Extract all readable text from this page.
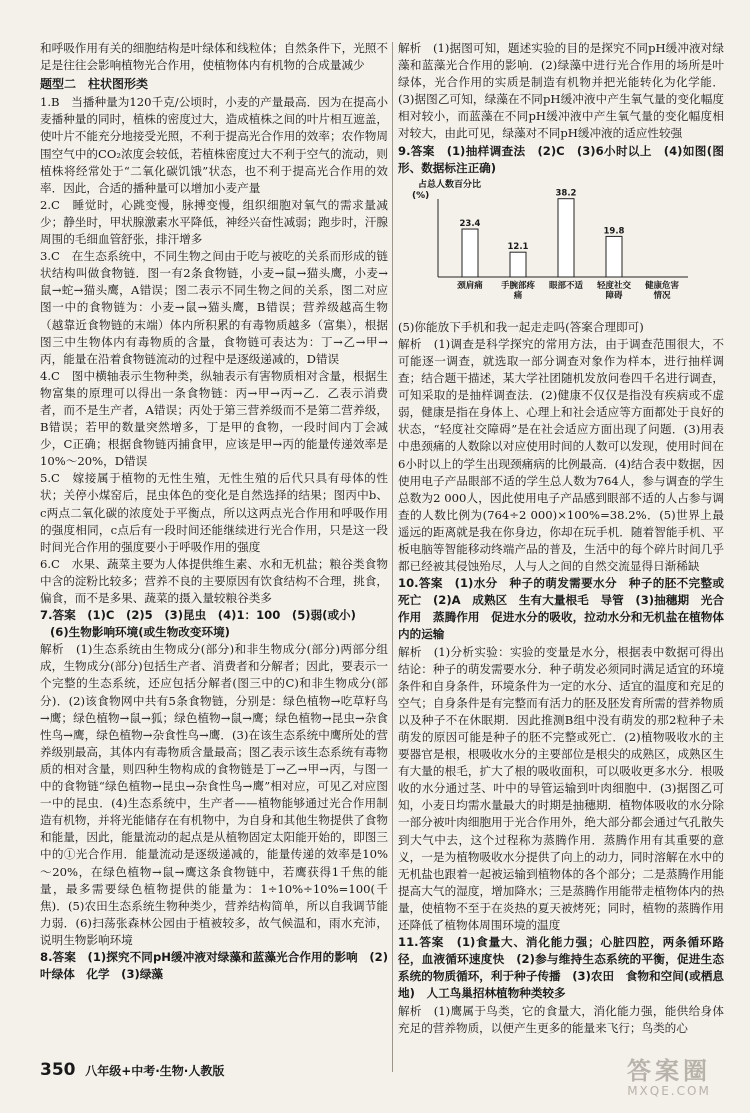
和呼吸作用有关的细胞结构是叶绿体和线粒体；自然条件下，光照不足是往往会影响植物光合作用，使植物体内有机物的合成量减少

题型二　柱状图形类

1.B　当播种量为120千克/公顷时，小麦的产量最高．因为在提高小麦播种量的同时，植株的密度过大，造成植株之间的叶片相互遮盖，使叶片不能充分地接受光照，不利于提高光合作用的效率；农作物周围空气中的CO₂浓度会较低，若植株密度过大不利于空气的流动，则植株将经常处于“二氧化碳饥饿”状态，也不利于提高光合作用的效率．因此，合适的播种量可以增加小麦产量

2.C　睡觉时，心跳变慢，脉搏变慢，组织细胞对氧气的需求量减少；静坐时，甲状腺激素水平降低，神经兴奋性减弱；跑步时，汗腺周围的毛细血管舒张，排汗增多

3.C　在生态系统中，不同生物之间由于吃与被吃的关系而形成的链状结构叫做食物链．图一有2条食物链，小麦→鼠→猫头鹰，小麦→鼠→蛇→猫头鹰，A错误；图二表示不同生物之间的关系，图二对应图一中的食物链为：小麦→鼠→猫头鹰，B错误；营养级越高生物（越靠近食物链的末端）体内所积累的有毒物质越多（富集），根据图三中生物体内有毒物质的含量，食物链可表达为：丁→乙→甲→丙，能量在沿着食物链流动的过程中是逐级递减的，D错误

4.C　图中横轴表示生物种类，纵轴表示有害物质相对含量，根据生物富集的原理可以得出一条食物链：丙→甲→丙→乙．乙表示消费者，而不是生产者，A错误；丙处于第三营养级而不是第二营养级，B错误；若甲的数量突然增多，丁是甲的食物，一段时间内丁会减少，C正确；根据食物链丙捕食甲，应该是甲→丙的能量传递效率是10%～20%，D错误

5.C　嫁接属于植物的无性生殖，无性生殖的后代只具有母体的性状；关停小煤窑后，昆虫体色的变化是自然选择的结果；图丙中b、c两点二氧化碳的浓度处于平衡点，所以这两点光合作用和呼吸作用的强度相同，c点后有一段时间还能继续进行光合作用，只是这一段时间光合作用的强度要小于呼吸作用的强度

6.C　水果、蔬菜主要为人体提供维生素、水和无机盐；粮谷类食物中含的淀粉比较多；营养不良的主要原因有饮食结构不合理，挑食，偏食，而不是多果、蔬菜的摄入量较粮谷类多

7.答案　(1)C　(2)5　(3)昆虫　(4)1：100　(5)弱(或小)

(6)生物影响环境(或生物改变环境)

解析　(1)生态系统由生物成分(部分)和非生物成分(部分)两部分组成，生物成分(部分)包括生产者、消费者和分解者；因此，要表示一个完整的生态系统，还应包括分解者(图三中的C)和非生物成分(部分)．(2)该食物网中共有5条食物链，分别是：绿色植物→吃草籽鸟→鹰；绿色植物→鼠→狐；绿色植物→鼠→鹰；绿色植物→昆虫→杂食性鸟→鹰，绿色植物→杂食性鸟→鹰．(3)在该生态系统中鹰所处的营养级别最高，其体内有毒物质含量最高；图乙表示该生态系统有毒物质的相对含量，则四种生物构成的食物链是丁→乙→甲→丙，与图一中的食物链“绿色植物→昆虫→杂食性鸟→鹰”相对应，可见乙对应图一中的昆虫．(4)生态系统中，生产者——植物能够通过光合作用制造有机物，并将光能储存在有机物中，为自身和其他生物提供了食物和能量，因此，能量流动的起点是从植物固定太阳能开始的，即图三中的①光合作用．能量流动是逐级递减的，能量传递的效率是10%～20%，在绿色植物→鼠→鹰这条食物链中，若鹰获得1千焦的能量，最多需要绿色植物提供的能量为：1÷10%÷10%=100(千焦)．(5)农田生态系统生物种类少，营养结构简单，所以自我调节能力弱．(6)扫荡张森林公园由于植被较多，故气候温和，雨水充沛，说明生物影响环境

8.答案　(1)探究不同pH缓冲液对绿藻和蓝藻光合作用的影响　(2)叶绿体　化学　(3)绿藻

解析　(1)据图可知，题述实验的目的是探究不同pH缓冲液对绿藻和蓝藻光合作用的影响．(2)绿藻中进行光合作用的场所是叶绿体，光合作用的实质是制造有机物并把光能转化为化学能．(3)据图乙可知，绿藻在不同pH缓冲液中产生氧气量的变化幅度相对较小，而蓝藻在不同pH缓冲液中产生氧气量的变化幅度相对较大，由此可见，绿藻对不同pH缓冲液的适应性较强

9.答案　(1)抽样调查法　(2)C　(3)6小时以上　(4)如图(图形、数据标注正确)

占总人数百分比
(%)
23.4
颈肩痛
12.1
手腕部疼
痛
38.2
眼部不适
19.8
轻度社交
障碍
健康危害
情况

(5)你能放下手机和我一起走走吗(答案合理即可)

解析　(1)调查是科学探究的常用方法，由于调查范围很大，不可能逐一调查，就选取一部分调查对象作为样本，进行抽样调查；结合题干描述，某大学社团随机发放问卷四千名进行调查，可知采取的是抽样调查法．(2)健康不仅仅是指没有疾病或不虚弱，健康是指在身体上、心理上和社会适应等方面都处于良好的状态，“轻度社交障碍”是在社会适应方面出现了问题．(3)用表中患颈痛的人数除以对应使用时间的人数可以发现，使用时间在6小时以上的学生出现颈痛病的比例最高．(4)结合表中数据，因使用电子产品眼部不适的学生总人数为764人，参与调查的学生总数为2 000人，因此使用电子产品感到眼部不适的人占参与调查的人数比例为(764÷2 000)×100%=38.2%．(5)世界上最遥远的距离就是我在你身边，你却在玩手机．随着智能手机、平板电脑等智能移动终端产品的普及，生活中的每个碎片时间几乎都已经被其侵蚀殆尽，人与人之间的自然交流显得日渐稀缺

10.答案　(1)水分　种子的萌发需要水分　种子的胚不完整或死亡　(2)A　成熟区　生有大量根毛　导管　(3)抽穗期　光合作用　蒸腾作用　促进水分的吸收，拉动水分和无机盐在植物体内的运输

解析　(1)分析实验：实验的变量是水分，根据表中数据可得出结论：种子的萌发需要水分．种子萌发必须同时满足适宜的环境条件和自身条件，环境条件为一定的水分、适宜的温度和充足的空气；自身条件是有完整而有活力的胚及胚发育所需的营养物质以及种子不在休眠期．因此推测B组中没有萌发的那2粒种子未萌发的原因可能是种子的胚不完整或死亡．(2)植物吸收水的主要器官是根，根吸收水分的主要部位是根尖的成熟区，成熟区生有大量的根毛，扩大了根的吸收面积，可以吸收更多水分．根吸收的水分通过茎、叶中的导管运输到叶肉细胞中．(3)据图乙可知，小麦日均需水量最大的时期是抽穗期．植物体吸收的水分除一部分被叶肉细胞用于光合作用外，绝大部分都会通过气孔散失到大气中去，这个过程称为蒸腾作用．蒸腾作用有其重要的意义，一是为植物吸收水分提供了向上的动力，同时溶解在水中的无机盐也跟着一起被运输到植物体的各个部分；二是蒸腾作用能提高大气的湿度，增加降水；三是蒸腾作用能带走植物体内的热量，使植物不至于在炎热的夏天被烤死；同时，植物的蒸腾作用还降低了植物体周围环境的温度

11.答案　(1)食量大、消化能力强；心脏四腔，两条循环路径，血液循环速度快　(2)参与维持生态系统的平衡，促进生态系统的物质循环，利于种子传播　(3)农田　食物和空间(或栖息地)　人工鸟巢招林植物种类较多

解析　(1)鹰属于鸟类，它的食量大，消化能力强，能供给身体充足的营养物质，以便产生更多的能量来飞行；鸟类的心

350 八年级+中考·生物·人教版	答案圈
MXQE.COM
